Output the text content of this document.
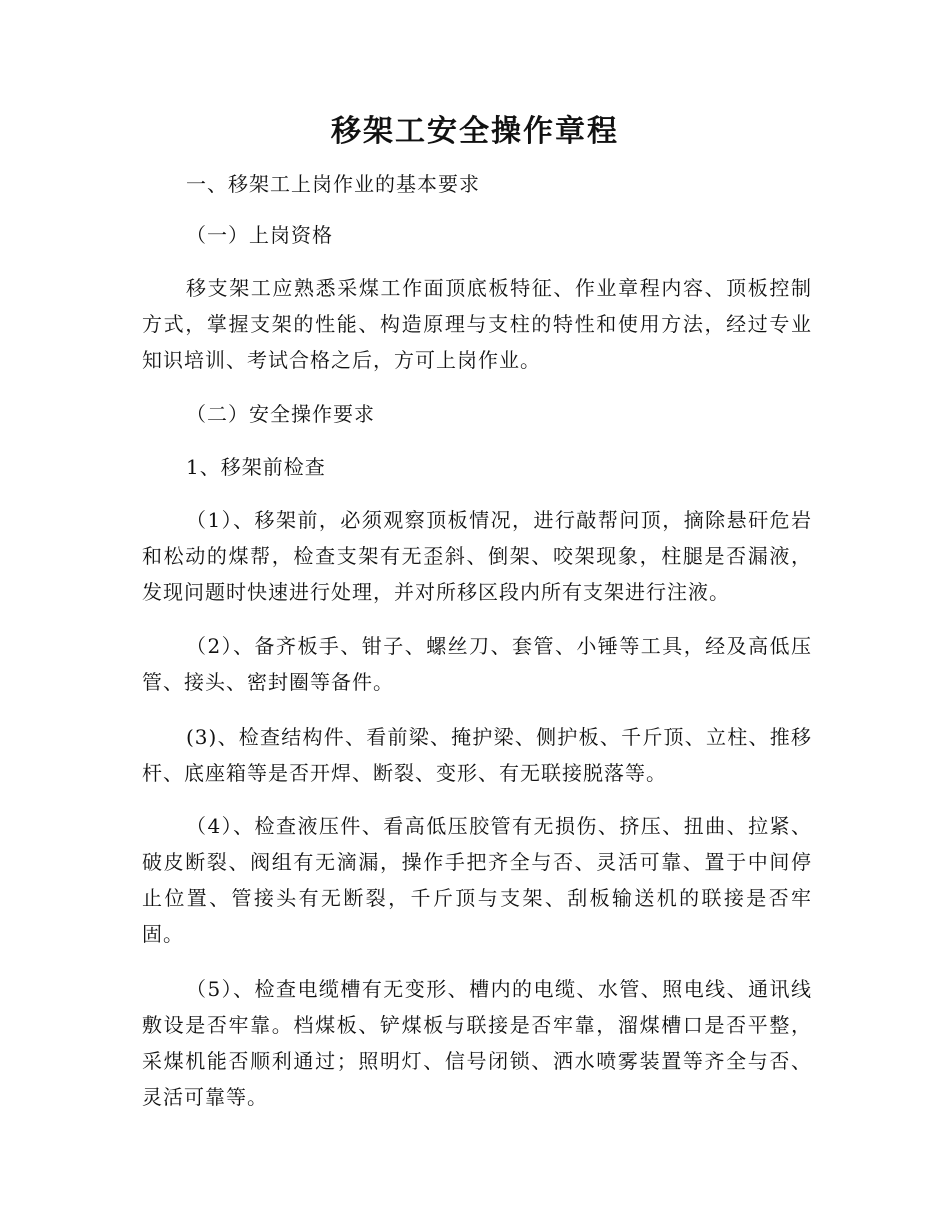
移架工安全操作章程
一、移架工上岗作业的基本要求
（一）上岗资格

移支架工应熟悉采煤工作面顶底板特征、作业章程内容、顶板控制方式，掌握支架的性能、构造原理与支柱的特性和使用方法，经过专业知识培训、考试合格之后，方可上岗作业。

（二）安全操作要求
1、移架前检查

（1）、移架前，必须观察顶板情况，进行敲帮问顶，摘除悬矸危岩和松动的煤帮，检查支架有无歪斜、倒架、咬架现象，柱腿是否漏液，发现问题时快速进行处理，并对所移区段内所有支架进行注液。

（2）、备齐板手、钳子、螺丝刀、套管、小锤等工具，经及高低压管、接头、密封圈等备件。

(3)、检查结构件、看前梁、掩护梁、侧护板、千斤顶、立柱、推移杆、底座箱等是否开焊、断裂、变形、有无联接脱落等。

（4）、检查液压件、看高低压胶管有无损伤、挤压、扭曲、拉紧、破皮断裂、阀组有无滴漏，操作手把齐全与否、灵活可靠、置于中间停止位置、管接头有无断裂，千斤顶与支架、刮板输送机的联接是否牢固。

（5）、检查电缆槽有无变形、槽内的电缆、水管、照电线、通讯线敷设是否牢靠。档煤板、铲煤板与联接是否牢靠，溜煤槽口是否平整，采煤机能否顺利通过；照明灯、信号闭锁、洒水喷雾装置等齐全与否、灵活可靠等。
